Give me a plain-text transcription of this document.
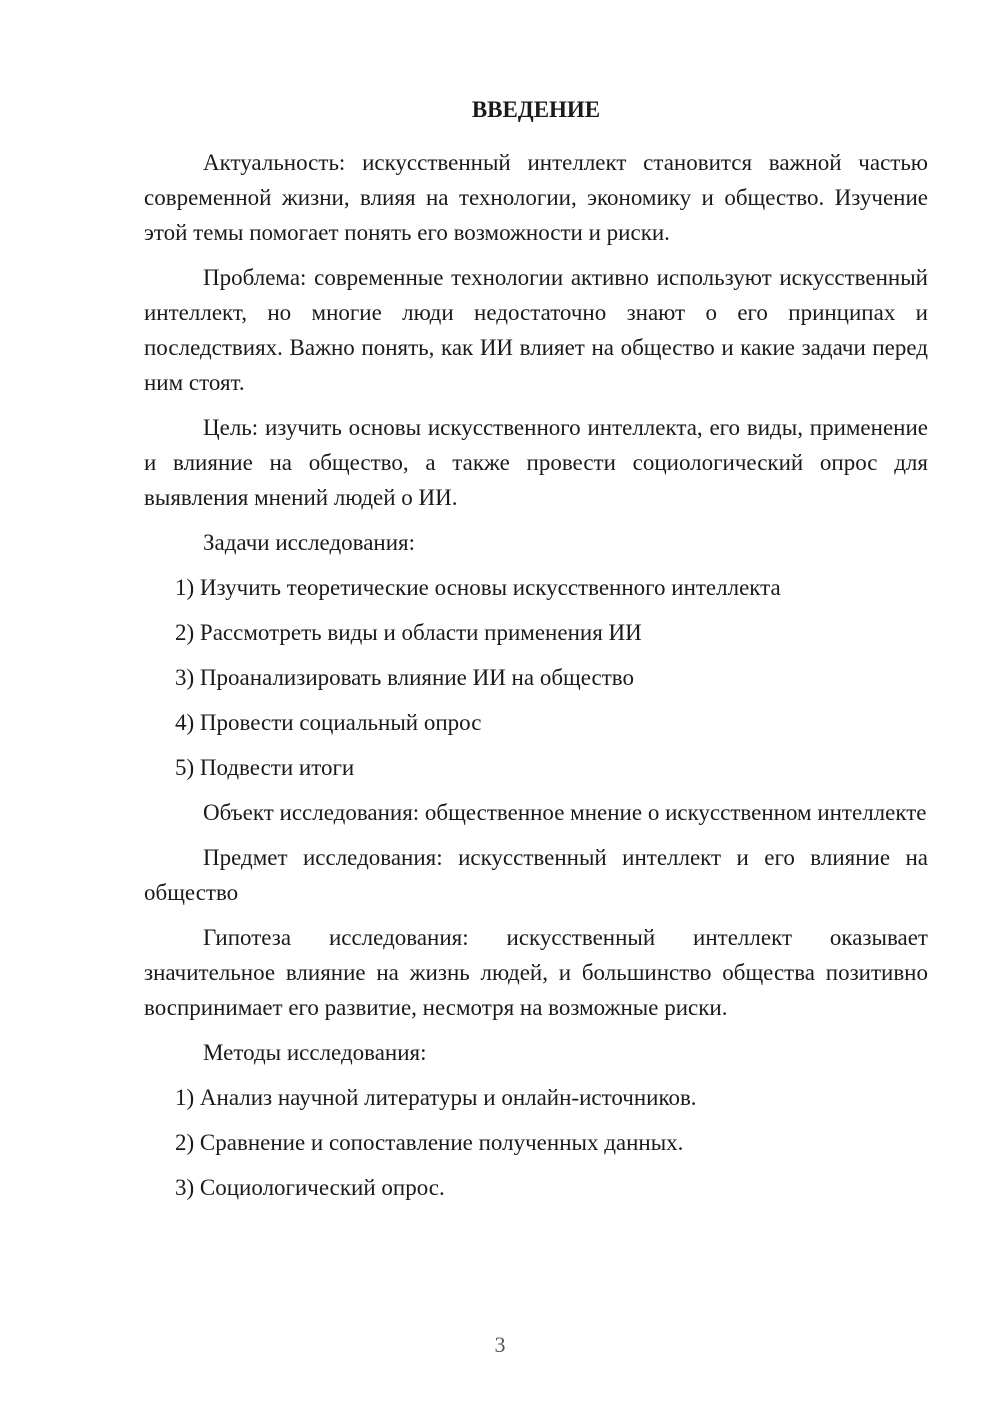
ВВЕДЕНИЕ

Актуальность: искусственный интеллект становится важной частью современной жизни, влияя на технологии, экономику и общество. Изучение этой темы помогает понять его возможности и риски.

Проблема: современные технологии активно используют искусственный интеллект, но многие люди недостаточно знают о его принципах и последствиях. Важно понять, как ИИ влияет на общество и какие задачи перед ним стоят.

Цель: изучить основы искусственного интеллекта, его виды, применение и влияние на общество, а также провести социологический опрос для выявления мнений людей о ИИ.

Задачи исследования:

1) Изучить теоретические основы искусственного интеллекта
2) Рассмотреть виды и области применения ИИ
3) Проанализировать влияние ИИ на общество
4) Провести социальный опрос
5) Подвести итоги

Объект исследования: общественное мнение о искусственном интеллекте

Предмет исследования: искусственный интеллект и его влияние на общество

Гипотеза исследования: искусственный интеллект оказывает значительное влияние на жизнь людей, и большинство общества позитивно воспринимает его развитие, несмотря на возможные риски.

Методы исследования:

1) Анализ научной литературы и онлайн-источников.
2) Сравнение и сопоставление полученных данных.
3) Социологический опрос.
3
